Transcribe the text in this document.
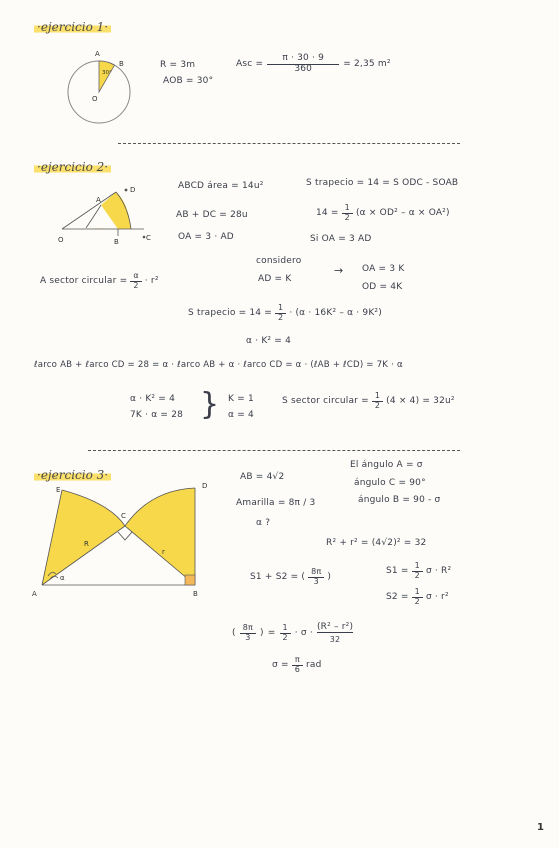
·ejercicio 1·
A
B
O
30°
R = 3m
AOB = 30°
Asc = $\frac{\pi \cdot 30 \cdot 9}{360} = 2,35$ m²
·ejercicio 2·
D
A
O	B	C
ABCD área = 14u²
AB + DC = 28u
OA = 3 · AD
S trapecio = 14 = S ODC - SOAB
$14 = \frac{1}{2} (\alpha \times OD^2 - \alpha \times OA^2)$
Si OA = 3 AD
A sector circular = $\frac{\alpha}{2} \cdot r^2$
considero
AD = K
→ OA = 3 K
OD = 4K
S trapecio = $14 = \frac{1}{2} \cdot (\alpha \cdot 16K^2 - \alpha \cdot 9K^2)$
α · K² = 4
ℓarco AB + ℓarco CD = 28 = α · ℓarco AB + α · ℓarco CD = α · (ℓAB + ℓCD) = 7K · α
α · K² = 4
7K · α = 28 } K = 1
α = 4
S sector circular = $\frac{1}{2} (4 \times 4) = 32u^2$
·ejercicio 3·
A	B
C
D
E
R
r
α
AB = 4√2
Amarilla = 8π / 3
α ?
El ángulo A = σ
ángulo C = 90°
ángulo B = 90 - σ
R² + r² = (4√2)² = 32
S1 + S2 = ( $\frac{8\pi}{3}$ )
$S1 = \frac{1}{2}$ σ · R²
$S2 = \frac{1}{2}$ σ · r²
( $\frac{8\pi}{3}$ ) = $\frac{1}{2} \cdot \sigma$ ·
(R² – r²)
32
$\sigma = \frac{\pi}{6}$ rad
1
